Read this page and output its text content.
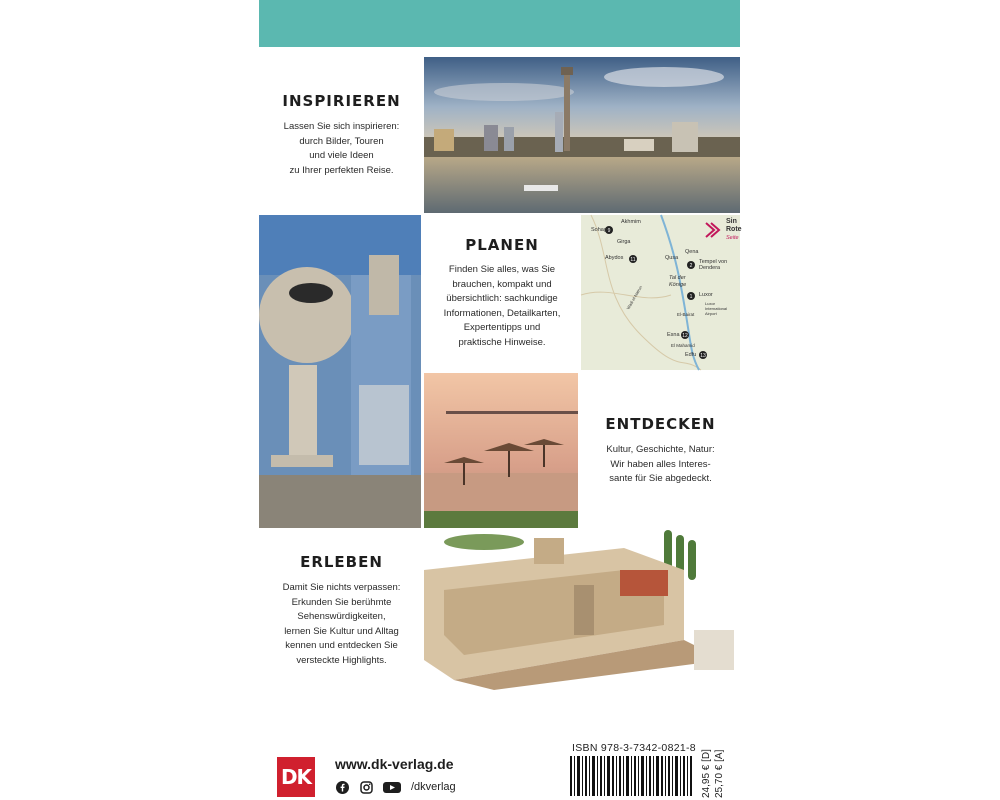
INSPIRIEREN
Lassen Sie sich inspirieren:
durch Bilder, Touren
und viele Ideen
zu Ihrer perfekten Reise.
PLANEN
Finden Sie alles, was Sie
brauchen, kompakt und
übersichtlich: sachkundige
Informationen, Detailkarten,
Expertentipps und
praktische Hinweise.
9
2
11
1
12
13
Akhmim
Sohag
Girga
Qena
Abydos	Qusa
Tempel von
Dendera
Tal der
Könige
Luxor
Luxor
International
Airport
Wadi el-Natrun
El-Bairat
Esna
El Mahamid
Edfu
Sin
Rote
Seite
ENTDECKEN
Kultur, Geschichte, Natur:
Wir haben alles Interes-
sante für Sie abgedeckt.
ERLEBEN
Damit Sie nichts verpassen:
Erkunden Sie berühmte
Sehenswürdigkeiten,
lernen Sie Kultur und Alltag
kennen und entdecken Sie
versteckte Highlights.
DK
www.dk-verlag.de
/dkverlag
ISBN 978-3-7342-0821-8
24,95 € [D] 25,70 € [A]
